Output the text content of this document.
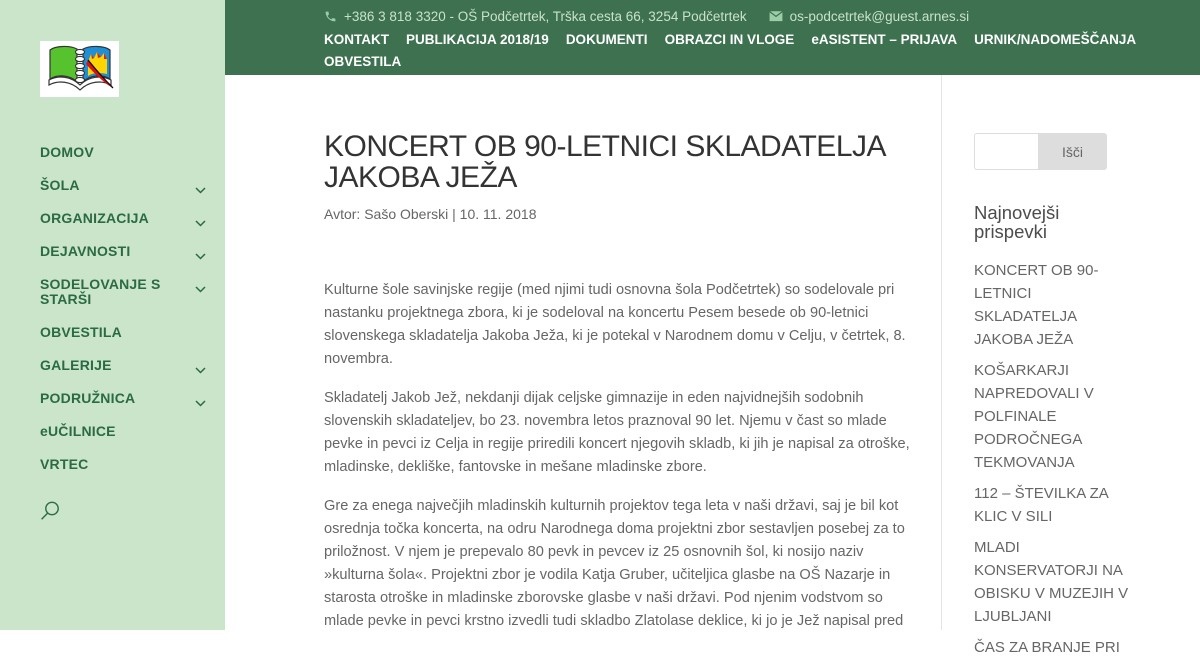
DOMOV
ŠOLA
ORGANIZACIJA
DEJAVNOSTI
SODELOVANJE S STARŠI
OBVESTILA
GALERIJE
PODRUŽNICA
eUČILNICE
VRTEC
+386 3 818 3320 - OŠ Podčetrtek, Trška cesta 66, 3254 Podčetrtek	os-podcetrtek@guest.arnes.si
KONTAKT PUBLIKACIJA 2018/19 DOKUMENTI OBRAZCI IN VLOGE eASISTENT – PRIJAVA URNIK/NADOMEŠČANJA
OBVESTILA
KONCERT OB 90-LETNICI SKLADATELJA
JAKOBA JEŽA

Avtor: Sašo Oberski | 10. 11. 2018

Kulturne šole savinjske regije (med njimi tudi osnovna šola Podčetrtek) so sodelovale pri nastanku projektnega zbora, ki je sodeloval na koncertu Pesem besede ob 90-letnici slovenskega skladatelja Jakoba Ježa, ki je potekal v Narodnem domu v Celju, v četrtek, 8. novembra.

Skladatelj Jakob Jež, nekdanji dijak celjske gimnazije in eden najvidnejših sodobnih slovenskih skladateljev, bo 23. novembra letos praznoval 90 let. Njemu v čast so mlade pevke in pevci iz Celja in regije priredili koncert njegovih skladb, ki jih je napisal za otroške, mladinske, dekliške, fantovske in mešane mladinske zbore.

Gre za enega največjih mladinskih kulturnih projektov tega leta v naši državi, saj je bil kot osrednja točka koncerta, na odru Narodnega doma projektni zbor sestavljen posebej za to priložnost. V njem je prepevalo 80 pevk in pevcev iz 25 osnovnih šol, ki nosijo naziv »kulturna šola«. Projektni zbor je vodila Katja Gruber, učiteljica glasbe na OŠ Nazarje in starosta otroške in mladinske zborovske glasbe v naši državi. Pod njenim vodstvom so mlade pevke in pevci krstno izvedli tudi skladbo Zlatolase deklice, ki jo je Jež napisal pred

Išči
Najnovejši prispevki
KONCERT OB 90-LETNICI SKLADATELJA JAKOBA JEŽA
KOŠARKARJI NAPREDOVALI V POLFINALE PODROČNEGA TEKMOVANJA
112 – ŠTEVILKA ZA KLIC V SILI
MLADI KONSERVATORJI NA OBISKU V MUZEJIH V LJUBLJANI
ČAS ZA BRANJE PRI
